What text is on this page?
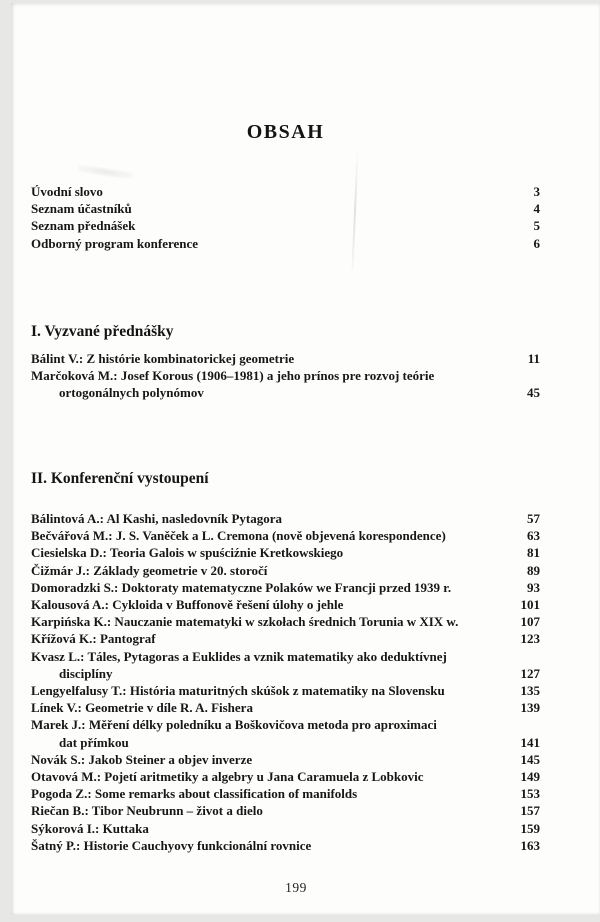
OBSAH
Úvodní slovo	3
Seznam účastníků	4
Seznam přednášek	5
Odborný program konference	6
I. Vyzvané přednášky
Bálint V.: Z histórie kombinatorickej geometrie	11
Marčoková M.: Josef Korous (1906–1981) a jeho prínos pre rozvoj teórie
ortogonálnych polynómov	45
II. Konferenční vystoupení
Bálintová A.: Al Kashi, nasledovník Pytagora	57
Bečvářová M.: J. S. Vaněček a L. Cremona (nově objevená korespondence)	63
Ciesielska D.: Teoria Galois w spuściźnie Kretkowskiego	81
Čižmár J.: Základy geometrie v 20. storočí	89
Domoradzki S.: Doktoraty matematyczne Polaków we Francji przed 1939 r.	93
Kalousová A.: Cykloida v Buffonově řešení úlohy o jehle	101
Karpińska K.: Nauczanie matematyki w szkołach średnich Torunia w XIX w.	107
Křížová K.: Pantograf	123
Kvasz L.: Táles, Pytagoras a Euklides a vznik matematiky ako deduktívnej
disciplíny	127
Lengyelfalusy T.: História maturitných skúšok z matematiky na Slovensku	135
Línek V.: Geometrie v díle R. A. Fishera	139
Marek J.: Měření délky poledníku a Boškovičova metoda pro aproximaci
dat přímkou	141
Novák S.: Jakob Steiner a objev inverze	145
Otavová M.: Pojetí aritmetiky a algebry u Jana Caramuela z Lobkovic	149
Pogoda Z.: Some remarks about classification of manifolds	153
Riečan B.: Tibor Neubrunn – život a dielo	157
Sýkorová I.: Kuttaka	159
Šatný P.: Historie Cauchyovy funkcionální rovnice	163
199
